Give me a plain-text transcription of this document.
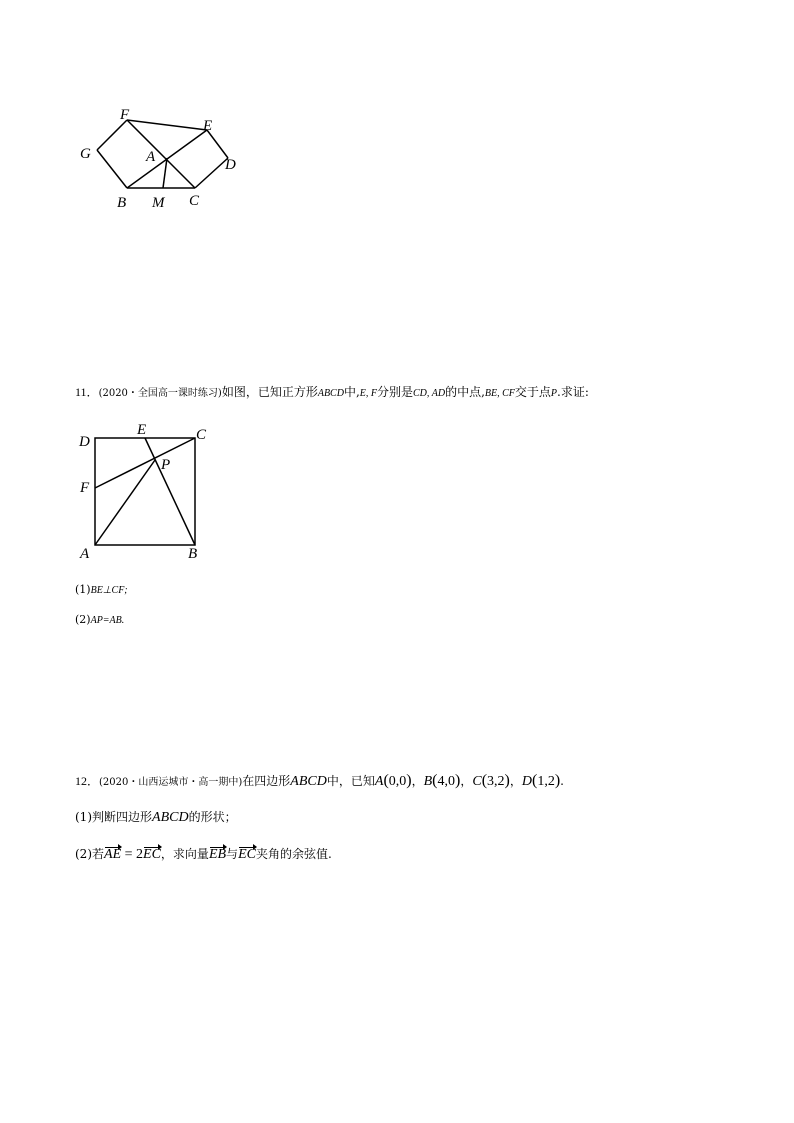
F
E
G	A	D
B M C
11．(2020・全国高一课时练习)如图，已知正方形ABCD中,E, F分别是CD, AD的中点,BE, CF交于点P.求证:
D
E	C
P
F
A	B
(1)BE⊥CF;
(2)AP=AB.
12．(2020・山西运城市・高一期中)在四边形ABCD中，已知A(0,0)，B(4,0)，C(3,2)，D(1,2).
(1)判断四边形ABCD的形状；
(2)若AE = 2EC，求向量EB与EC夹角的余弦值.
